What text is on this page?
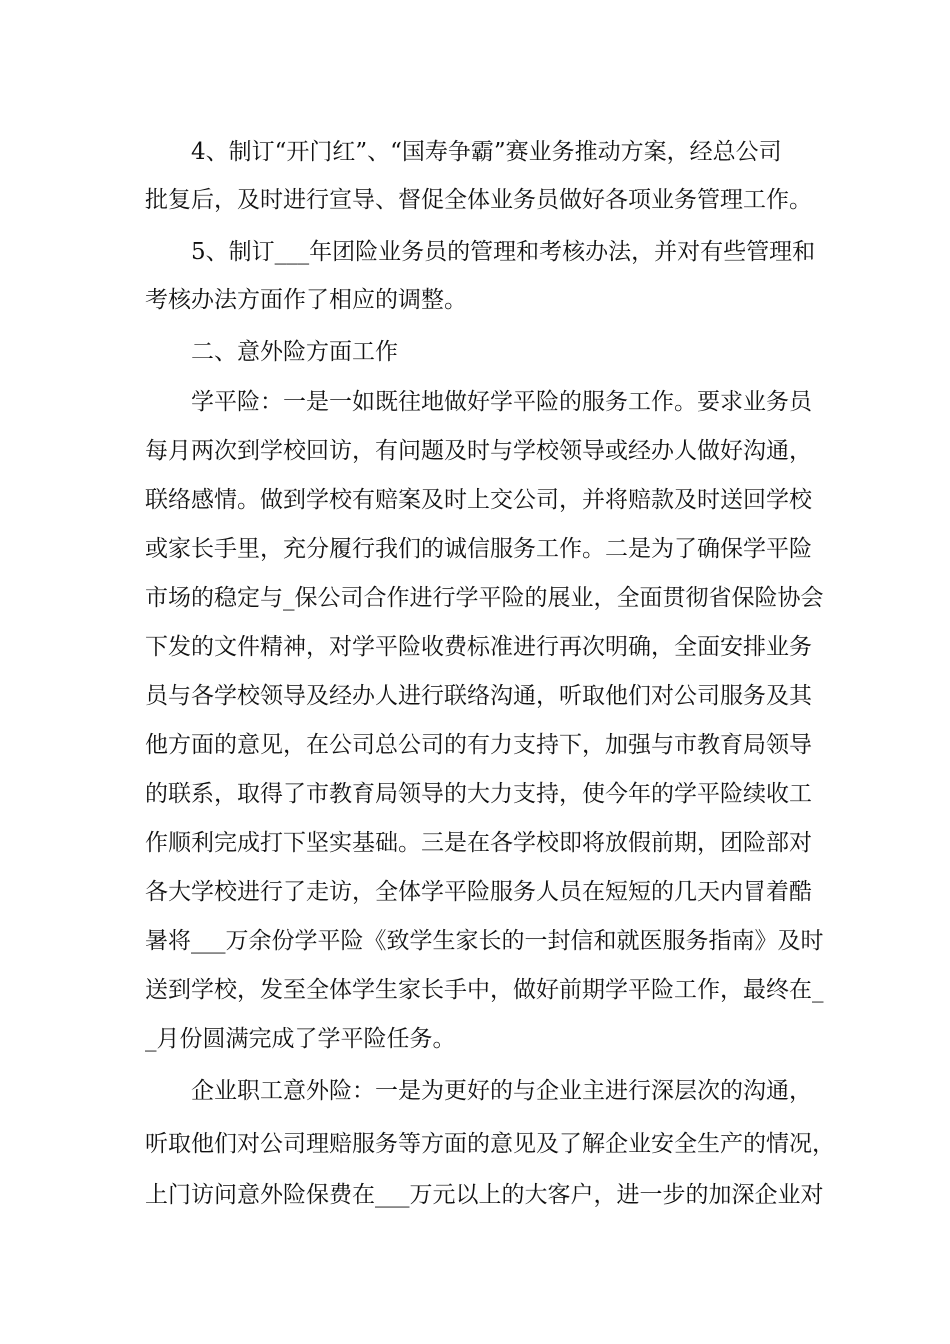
4、制订“开门红”、“国寿争霸”赛业务推动方案，经总公司
批复后，及时进行宣导、督促全体业务员做好各项业务管理工作。
5、制订___年团险业务员的管理和考核办法，并对有些管理和
考核办法方面作了相应的调整。
二、意外险方面工作
学平险：一是一如既往地做好学平险的服务工作。要求业务员
每月两次到学校回访，有问题及时与学校领导或经办人做好沟通，
联络感情。做到学校有赔案及时上交公司，并将赔款及时送回学校
或家长手里，充分履行我们的诚信服务工作。二是为了确保学平险
市场的稳定与_保公司合作进行学平险的展业，全面贯彻省保险协会
下发的文件精神，对学平险收费标准进行再次明确，全面安排业务
员与各学校领导及经办人进行联络沟通，听取他们对公司服务及其
他方面的意见，在公司总公司的有力支持下，加强与市教育局领导
的联系，取得了市教育局领导的大力支持，使今年的学平险续收工
作顺利完成打下坚实基础。三是在各学校即将放假前期，团险部对
各大学校进行了走访，全体学平险服务人员在短短的几天内冒着酷
暑将___万余份学平险《致学生家长的一封信和就医服务指南》及时
送到学校，发至全体学生家长手中，做好前期学平险工作，最终在_
_月份圆满完成了学平险任务。
企业职工意外险：一是为更好的与企业主进行深层次的沟通，
听取他们对公司理赔服务等方面的意见及了解企业安全生产的情况，
上门访问意外险保费在___万元以上的大客户，进一步的加深企业对
